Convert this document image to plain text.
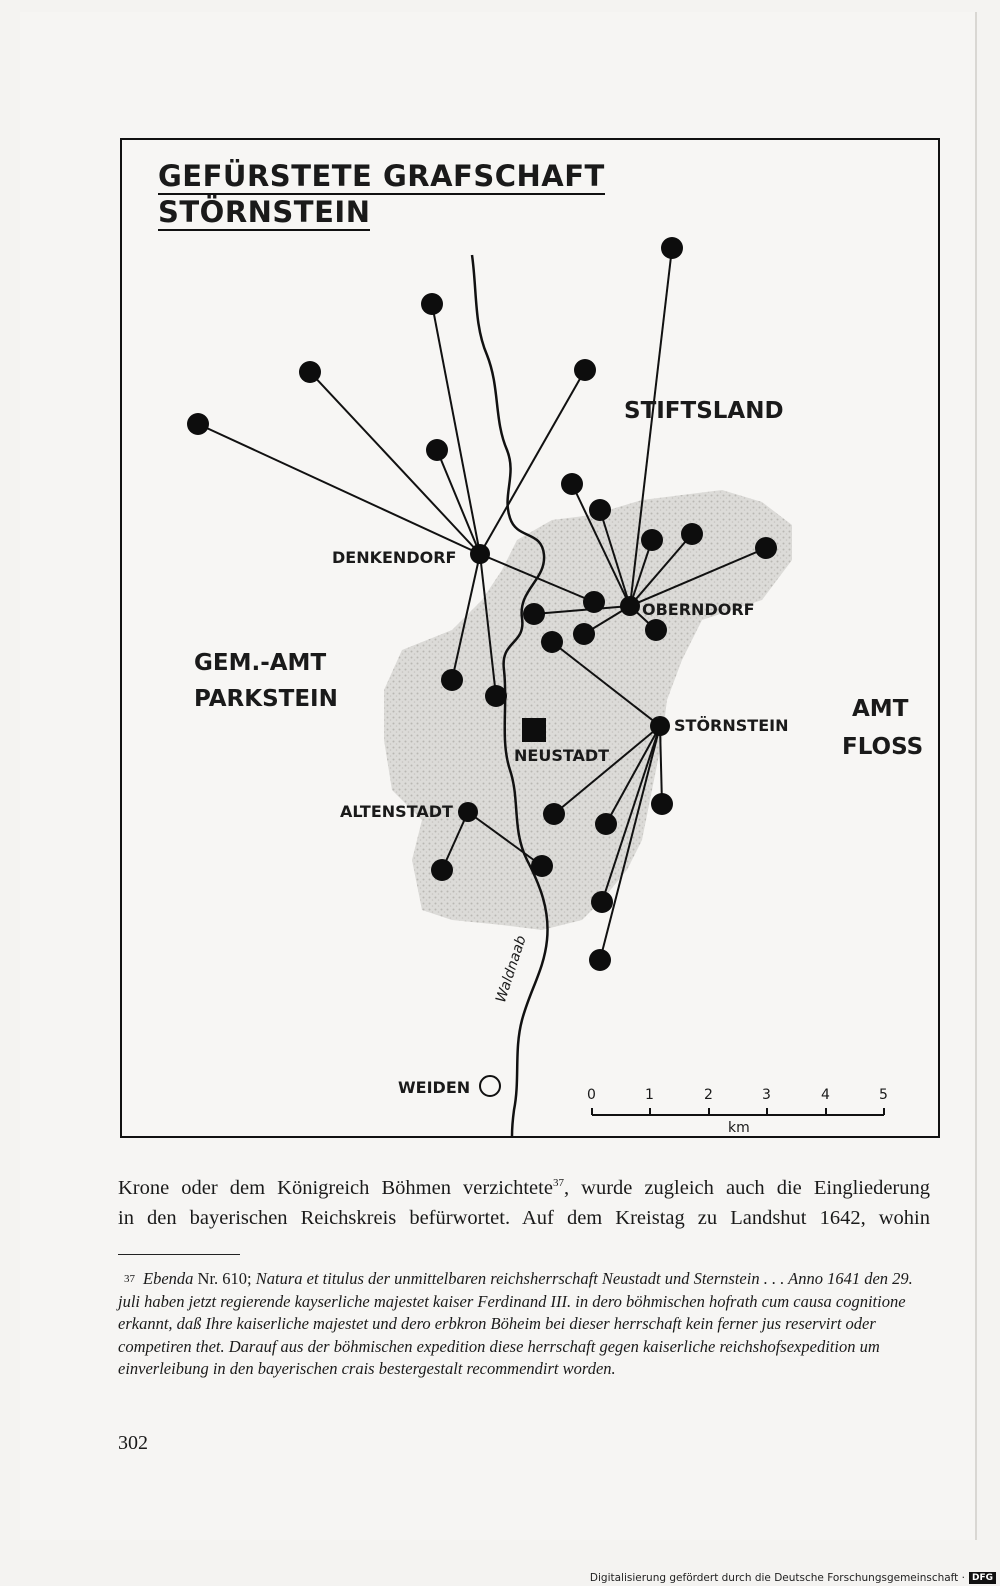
GEFÜRSTETE GRAFSCHAFT
STÖRNSTEIN
STIFTSLAND
GEM.-AMT
PARKSTEIN	AMT
FLOSS
DENKENDORF
OBERNDORF
STÖRNSTEIN
NEUSTADT
ALTENSTADT
WEIDEN
Waldnaab
0	1	2	3	4	5
km

Krone oder dem Königreich Böhmen verzichtete$^{37}$, wurde zugleich auch die Eingliederung
in den bayerischen Reichskreis befürwortet. Auf dem Kreistag zu Landshut 1642, wohin

$^{37}$ Ebenda Nr. 610; Natura et titulus der unmittelbaren reichsherrschaft Neustadt und Sternstein . . . Anno 1641 den 29. juli haben jetzt regierende kayserliche majestet kaiser Ferdinand III. in dero böhmischen hofrath cum causa cognitione erkannt, daß Ihre kaiserliche majestet und dero erbkron Böheim bei dieser herrschaft kein ferner jus reservirt oder competiren thet. Darauf aus der böhmischen expedition diese herrschaft gegen kaiserliche reichshofsexpedition um einverleibung in den bayerischen crais bestergestalt recommendirt worden.

302
Digitalisierung gefördert durch die Deutsche Forschungsgemeinschaft · DFG
